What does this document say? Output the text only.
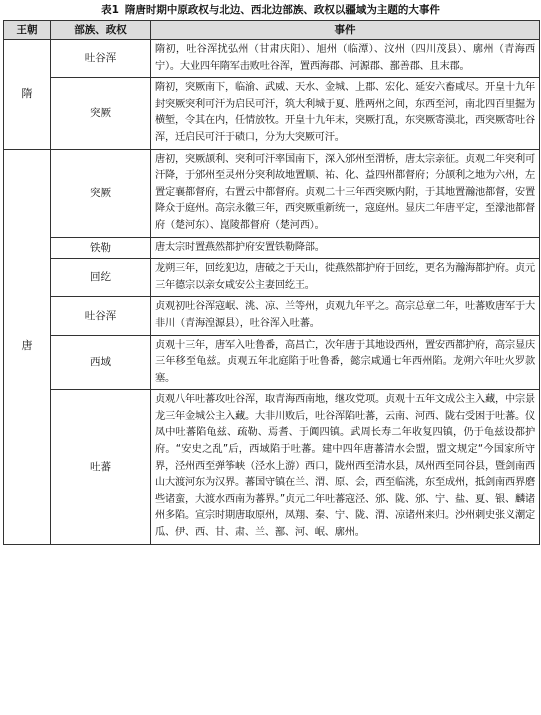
表1 隋唐时期中原政权与北边、西北边部族、政权以疆域为主题的大事件
王朝	部族、政权	事件
隋	吐谷浑	隋初，吐谷浑扰弘州（甘肃庆阳）、旭州（临潭）、汶州（四川茂县）、廓州（青海西宁）。大业四年隋军击败吐谷浑，置西海郡、河源郡、鄯善郡、且末郡。
	突厥	隋初，突厥南下，临渝、武威、天水、金城、上郡、宏化、延安六畜咸尽。开皇十九年封突厥突利可汗为启民可汗，筑大利城于夏、胜两州之间，东西至河，南北四百里掘为横堑，令其在内，任情放牧。开皇十九年末，突厥打乱，东突厥寄漠北，西突厥寄吐谷浑，迁启民可汗于碛口，分为大突厥可汗。
唐	突厥	唐初，突厥颉利、突利可汗率国南下，深入邠州至渭桥，唐太宗亲征。贞观二年突利可汗降，于邠州至灵州分突利故地置顺、祐、化、益四州都督府；分颉利之地为六州，左置定襄都督府，右置云中都督府。贞观二十三年西突厥内附，于其地置瀚池都督，安置降众于庭州。高宗永徽三年，西突厥重新统一，寇庭州。显庆二年唐平定，至濛池都督府（楚河东）、崑陵都督府（楚河西）。
	铁勒	唐太宗时置燕然都护府安置铁勒降部。
	回纥	龙朔三年，回纥犯边，唐破之于天山，徙燕然都护府于回纥，更名为瀚海都护府。贞元三年德宗以亲女咸安公主妻回纥王。
	吐谷浑	贞观初吐谷浑寇岷、洮、凉、兰等州，贞观九年平之。高宗总章二年，吐蕃败唐军于大非川（青海湟源县），吐谷浑入吐蕃。
	西域	贞观十三年，唐军入吐鲁番，高昌亡，次年唐于其地设西州，置安西都护府，高宗显庆三年移至龟兹。贞观五年北庭陷于吐鲁番，懿宗咸通七年西州陷。龙朔六年吐火罗款塞。
	吐蕃	贞观八年吐蕃攻吐谷浑，取青海西南地，继攻党项。贞观十五年文成公主入藏，中宗景龙三年金城公主入藏。大非川败后，吐谷浑陷吐蕃，云南、河西、陇右受困于吐蕃。仪凤中吐蕃陷龟兹、疏勒、焉耆、于阗四镇。武周长寿二年收复四镇，仍于龟兹设都护府。“安史之乱”后，西域陷于吐蕃。建中四年唐蕃清水会盟，盟文规定“今国家所守界，泾州西至弹筝峡（泾水上游）西口，陇州西至清水县，凤州西至同谷县，暨剑南西山大渡河东为汉界。蕃国守镇在兰、渭、原、会，西至临洮，东至成州，抵剑南西界磨些诸蛮，大渡水西南为蕃界。”贞元二年吐蕃寇泾、邠、陇、邠、宁、盐、夏、银、麟诸州多陷。宣宗时期唐取原州，凤翔、秦、宁、陇、渭、凉诸州来归。沙州刺史张义潮定瓜、伊、西、甘、肃、兰、鄯、河、岷、廓州。
